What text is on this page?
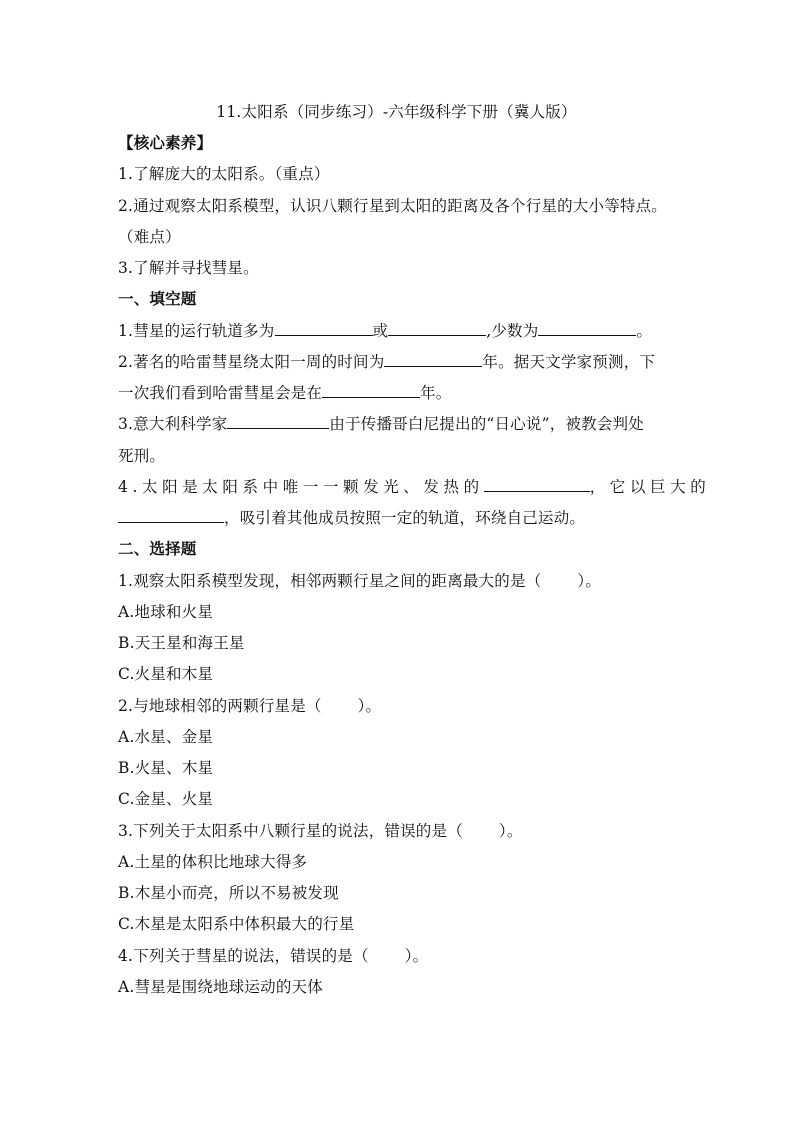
11.太阳系（同步练习）-六年级科学下册（冀人版）
【核心素养】
1.了解庞大的太阳系。（重点）
2.通过观察太阳系模型，认识八颗行星到太阳的距离及各个行星的大小等特点。
（难点）
3.了解并寻找彗星。
一、填空题
1.彗星的运行轨道多为	或	,少数为	。
2.著名的哈雷彗星绕太阳一周的时间为	年。据天文学家预测，下
一次我们看到哈雷彗星会是在	年。
3.意大利科学家	由于传播哥白尼提出的“日心说”，被教会判处
死刑。
4.太阳是太阳系中唯一一颗发光、发热的	，它以巨大的
，吸引着其他成员按照一定的轨道，环绕自己运动。
二、选择题
1.观察太阳系模型发现，相邻两颗行星之间的距离最大的是（ ）。
A.地球和火星
B.天王星和海王星
C.火星和木星
2.与地球相邻的两颗行星是（ ）。
A.水星、金星
B.火星、木星
C.金星、火星
3.下列关于太阳系中八颗行星的说法，错误的是（ ）。
A.土星的体积比地球大得多
B.木星小而亮，所以不易被发现
C.木星是太阳系中体积最大的行星
4.下列关于彗星的说法，错误的是（ ）。
A.彗星是围绕地球运动的天体
